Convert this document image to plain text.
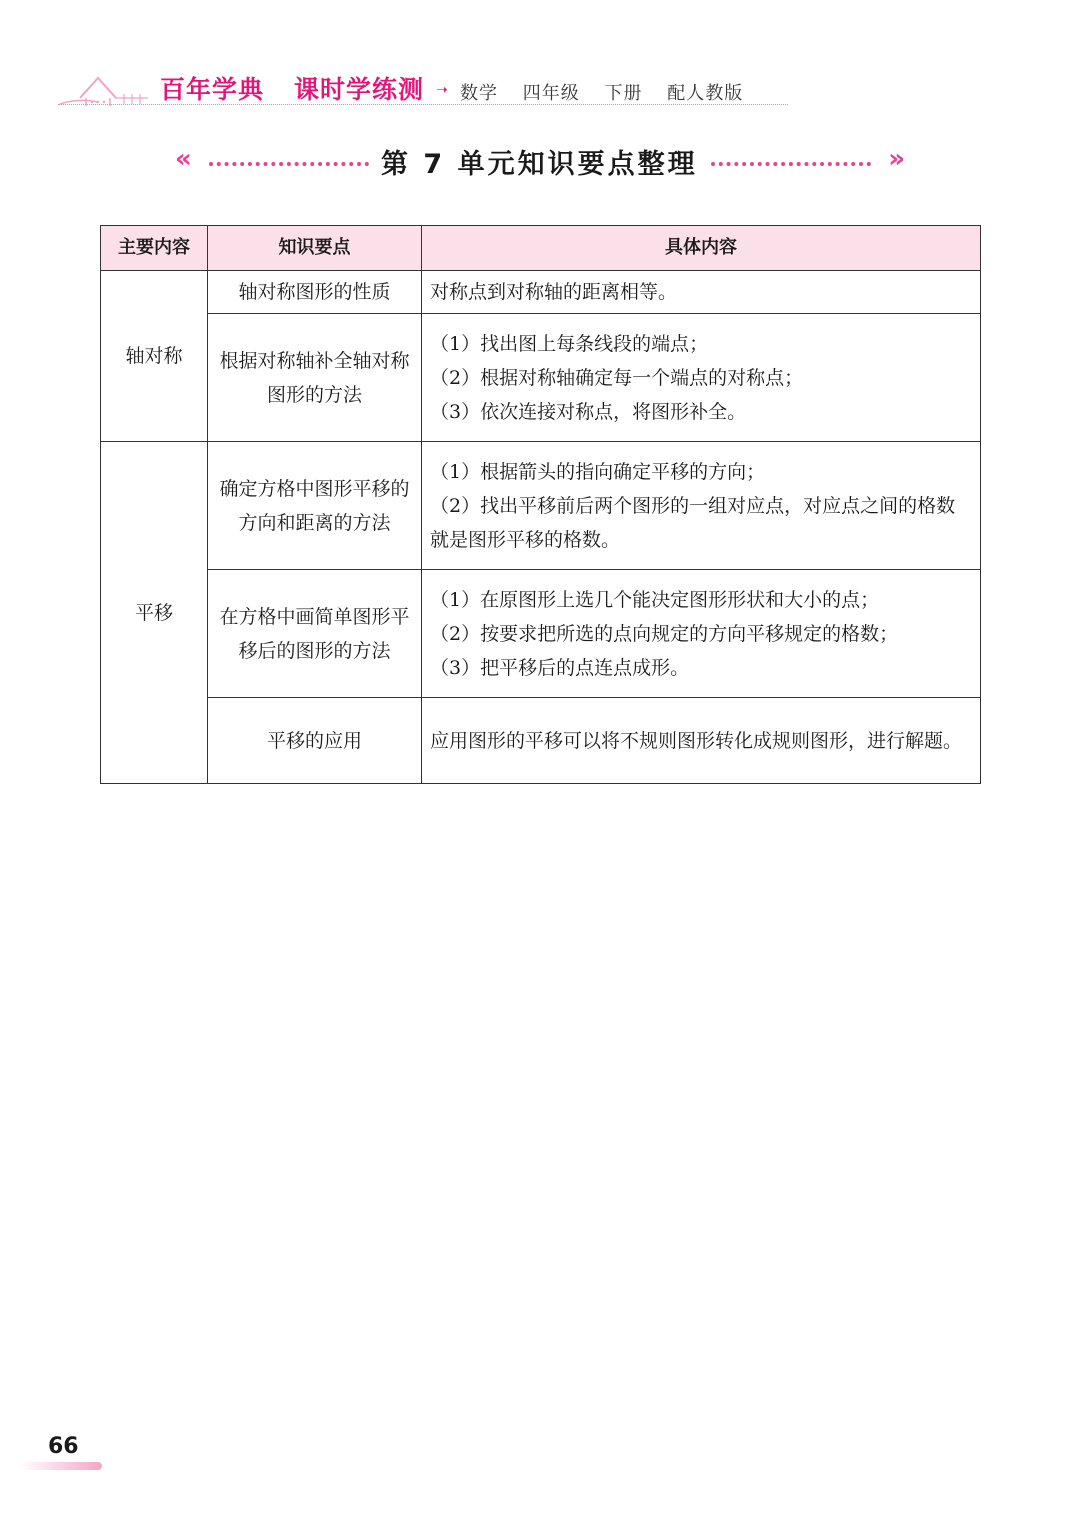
百年学典 课时学练测 ➝ 数学 四年级 下册 配人教版
«	第 7 单元知识要点整理	»
主要内容	知识要点	具体内容
轴对称	轴对称图形的性质	对称点到对称轴的距离相等。

	根据对称轴补全轴对称图形的方法	（1）找出图上每条线段的端点；
（2）根据对称轴确定每一个端点的对称点；
（3）依次连接对称点，将图形补全。

平移	确定方格中图形平移的方向和距离的方法	（1）根据箭头的指向确定平移的方向；
（2）找出平移前后两个图形的一组对应点，对应点之间的格数就是图形平移的格数。

	在方格中画简单图形平移后的图形的方法	（1）在原图形上选几个能决定图形形状和大小的点；
（2）按要求把所选的点向规定的方向平移规定的格数；
（3）把平移后的点连点成形。

	平移的应用	应用图形的平移可以将不规则图形转化成规则图形，进行解题。
66
